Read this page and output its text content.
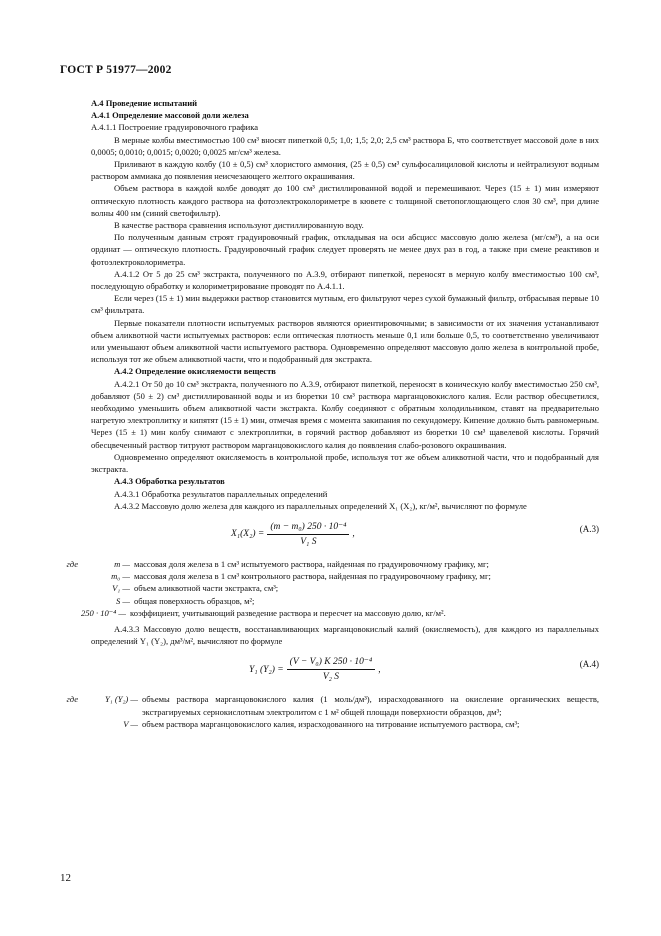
ГОСТ Р 51977—2002

А.4 Проведение испытаний

А.4.1 Определение массовой доли железа

А.4.1.1 Построение градуировочного графика

В мерные колбы вместимостью 100 см³ вносят пипеткой 0,5; 1,0; 1,5; 2,0; 2,5 см³ раствора Б, что соответствует массовой доле в них 0,0005; 0,0010; 0,0015; 0,0020; 0,0025 мг/см³ железа.

Приливают в каждую колбу (10 ± 0,5) см³ хлористого аммония, (25 ± 0,5) см³ сульфосалициловой кислоты и нейтрализуют водным раствором аммиака до появления неисчезающего желтого окрашивания.

Объем раствора в каждой колбе доводят до 100 см³ дистиллированной водой и перемешивают. Через (15 ± 1) мин измеряют оптическую плотность каждого раствора на фотоэлектроколориметре в кювете с толщиной светопоглощающего слоя 30 см³, при длине волны 400 нм (синий светофильтр).

В качестве раствора сравнения используют дистиллированную воду.

По полученным данным строят градуировочный график, откладывая на оси абсцисс массовую долю железа (мг/см³), а на оси ординат — оптическую плотность. Градуировочный график следует проверять не менее двух раз в год, а также при смене реактивов и фотоэлектроколориметра.

А.4.1.2 От 5 до 25 см³ экстракта, полученного по А.3.9, отбирают пипеткой, переносят в мерную колбу вместимостью 100 см³, последующую обработку и колориметрирование проводят по А.4.1.1.

Если через (15 ± 1) мин выдержки раствор становится мутным, его фильтруют через сухой бумажный фильтр, отбрасывая первые 10 см³ фильтрата.

Первые показатели плотности испытуемых растворов являются ориентировочными; в зависимости от их значения устанавливают объем аликвотной части испытуемых растворов: если оптическая плотность меньше 0,1 или больше 0,5, то соответственно увеличивают или уменьшают объем аликвотной части испытуемого раствора. Одновременно определяют массовую долю железа в контрольной пробе, используя тот же объем аликвотной части, что и подобранный для экстракта.

А.4.2 Определение окисляемости веществ

А.4.2.1 От 50 до 10 см³ экстракта, полученного по А.3.9, отбирают пипеткой, переносят в коническую колбу вместимостью 250 см³, добавляют (50 ± 2) см³ дистиллированной воды и из бюретки 10 см³ раствора марганцовокислого калия. Если раствор обесцветился, необходимо уменьшить объем аликвотной части экстракта. Колбу соединяют с обратным холодильником, ставят на предварительно нагретую электроплитку и кипятят (15 ± 1) мин, отмечая время с момента закипания по секундомеру. Кипение должно быть равномерным. Через (15 ± 1) мин колбу снимают с электроплитки, в горячий раствор добавляют из бюретки 10 см³ щавелевой кислоты. Горячий обесцвеченный раствор титруют раствором марганцовокислого калия до появления слабо-розового окрашивания.

Одновременно определяют окисляемость в контрольной пробе, используя тот же объем аликвотной части, что и подобранный для экстракта.

А.4.3 Обработка результатов

А.4.3.1 Обработка результатов параллельных определений

А.4.3.2 Массовую долю железа для каждого из параллельных определений X₁ (X₂), кг/м², вычисляют по формуле

$X_1(X_2) = \frac{\text{(m − m₀) 250 · 10⁻⁴}}{\text{V₁ S}}$ ,
(A.3)
где	m — массовая доля железа в 1 см³ испытуемого раствора, найденная по градуировочному графику, мг;
m₀ — массовая доля железа в 1 см³ контрольного раствора, найденная по градуировочному графику, мг;
V₁ — объем аликвотной части экстракта, см³;
S — общая поверхность образцов, м²;
250 · 10⁻⁴ — коэффициент, учитывающий разведение раствора и пересчет на массовую долю, кг/м².

А.4.3.3 Массовую долю веществ, восстанавливающих марганцовокислый калий (окисляемость), для каждого из параллельных определений Y₁ (Y₂), дм³/м², вычисляют по формуле

Y₁ $(Y_2) = \frac{\text{(V − V₀) K 250 · 10⁻⁴}}{\text{V₂ S}}$ ,
(A.4)
где	Y₁ (Y₂) — объемы раствора марганцовокислого калия (1 моль/дм³), израсходованного на окисление органических веществ, экстрагируемых сернокислотным электролитом с 1 м² общей площади поверхности образцов, дм³;
V — объем раствора марганцовокислого калия, израсходованного на титрование испытуемого раствора, см³;
12
